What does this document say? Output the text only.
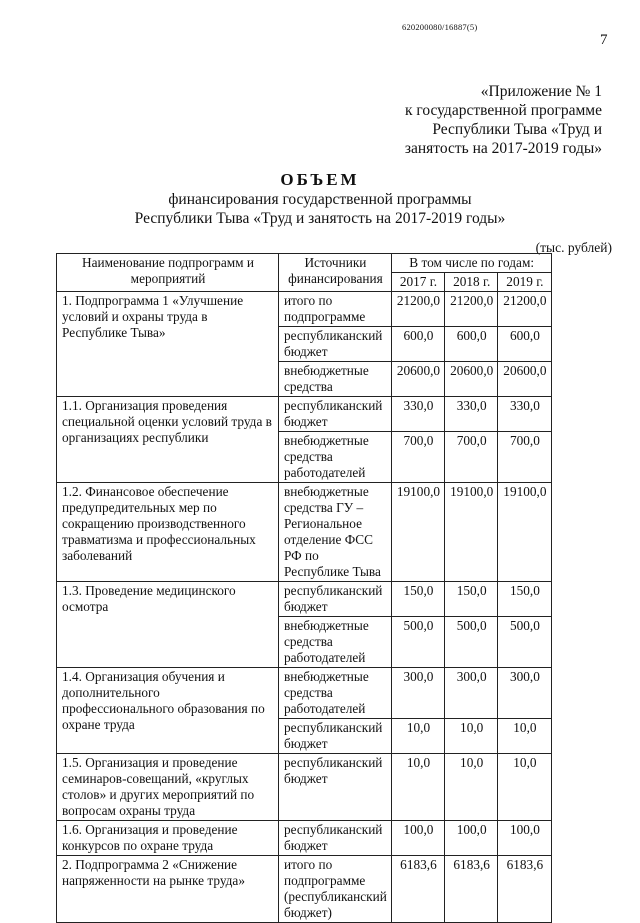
620200080/16887(5)
7
«Приложение № 1
к государственной программе
Республики Тыва «Труд и
занятость на 2017-2019 годы»
ОБЪЕМ
финансирования государственной программы
Республики Тыва «Труд и занятость на 2017-2019 годы»
(тыс. рублей)
Наименование подпрограмм и мероприятий	Источники финансирования	В том числе по годам:		
		2017 г.	2018 г.	2019 г.
1. Подпрограмма 1 «Улучшение условий и охраны труда в Республике Тыва»	итого по подпрограмме	21200,0	21200,0	21200,0
	республиканский бюджет	600,0	600,0	600,0
	внебюджетные средства	20600,0	20600,0	20600,0
1.1. Организация проведения специальной оценки условий труда в организациях республики	республиканский бюджет	330,0	330,0	330,0
	внебюджетные средства работодателей	700,0	700,0	700,0
1.2. Финансовое обеспечение предупредительных мер по сокращению производственного травматизма и профессиональных заболеваний	внебюджетные средства ГУ – Региональное отделение ФСС РФ по Республике Тыва	19100,0	19100,0	19100,0
1.3. Проведение медицинского осмотра	республиканский бюджет	150,0	150,0	150,0
	внебюджетные средства работодателей	500,0	500,0	500,0
1.4. Организация обучения и дополнительного профессионального образования по охране труда	внебюджетные средства работодателей	300,0	300,0	300,0
	республиканский бюджет	10,0	10,0	10,0
1.5. Организация и проведение семинаров-совещаний, «круглых столов» и других мероприятий по вопросам охраны труда	республиканский бюджет	10,0	10,0	10,0
1.6. Организация и проведение конкурсов по охране труда	республиканский бюджет	100,0	100,0	100,0
2. Подпрограмма 2 «Снижение напряженности на рынке труда»	итого по подпрограмме (республиканский бюджет)	6183,6	6183,6	6183,6
